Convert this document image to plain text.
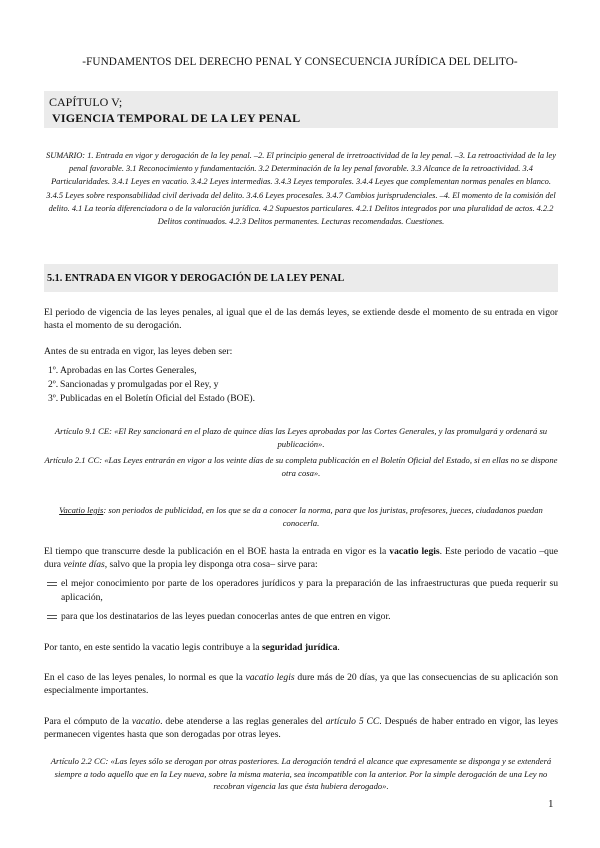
-FUNDAMENTOS DEL DERECHO PENAL Y CONSECUENCIA JURÍDICA DEL DELITO-
CAPÍTULO V;
VIGENCIA TEMPORAL DE LA LEY PENAL
SUMARIO: 1. Entrada en vigor y derogación de la ley penal. –2. El principio general de irretroactividad de la ley penal. –3. La retroactividad de la ley penal favorable. 3.1 Reconocimiento y fundamentación. 3.2 Determinación de la ley penal favorable. 3.3 Alcance de la retroactividad. 3.4 Particularidades. 3.4.1 Leyes en vacatio. 3.4.2 Leyes intermedias. 3.4.3 Leyes temporales. 3.4.4 Leyes que complementan normas penales en blanco. 3.4.5 Leyes sobre responsabilidad civil derivada del delito. 3.4.6 Leyes procesales. 3.4.7 Cambios jurisprudenciales. –4. El momento de la comisión del delito. 4.1 La teoría diferenciadora o de la valoración jurídica. 4.2 Supuestos particulares. 4.2.1 Delitos integrados por una pluralidad de actos. 4.2.2 Delitos continuados. 4.2.3 Delitos permanentes. Lecturas recomendadas. Cuestiones.
5.1. ENTRADA EN VIGOR Y DEROGACIÓN DE LA LEY PENAL
El periodo de vigencia de las leyes penales, al igual que el de las demás leyes, se extiende desde el momento de su entrada en vigor hasta el momento de su derogación.
Antes de su entrada en vigor, las leyes deben ser:
1º. Aprobadas en las Cortes Generales,
2º. Sancionadas y promulgadas por el Rey, y
3º. Publicadas en el Boletín Oficial del Estado (BOE).
Artículo 9.1 CE: «El Rey sancionará en el plazo de quince días las Leyes aprobadas por las Cortes Generales, y las promulgará y ordenará su publicación».
Artículo 2.1 CC: «Las Leyes entrarán en vigor a los veinte días de su completa publicación en el Boletín Oficial del Estado, si en ellas no se dispone otra cosa».
Vacatio legis: son periodos de publicidad, en los que se da a conocer la norma, para que los juristas, profesores, jueces, ciudadanos puedan conocerla.
El tiempo que transcurre desde la publicación en el BOE hasta la entrada en vigor es la vacatio legis. Este periodo de vacatio –que dura veinte días, salvo que la propia ley disponga otra cosa– sirve para:
el mejor conocimiento por parte de los operadores jurídicos y para la preparación de las infraestructuras que pueda requerir su aplicación,
para que los destinatarios de las leyes puedan conocerlas antes de que entren en vigor.
Por tanto, en este sentido la vacatio legis contribuye a la seguridad jurídica.
En el caso de las leyes penales, lo normal es que la vacatio legis dure más de 20 días, ya que las consecuencias de su aplicación son especialmente importantes.
Para el cómputo de la vacatio. debe atenderse a las reglas generales del artículo 5 CC. Después de haber entrado en vigor, las leyes permanecen vigentes hasta que son derogadas por otras leyes.
Artículo 2.2 CC: «Las leyes sólo se derogan por otras posteriores. La derogación tendrá el alcance que expresamente se disponga y se extenderá siempre a todo aquello que en la Ley nueva, sobre la misma materia, sea incompatible con la anterior. Por la simple derogación de una Ley no recobran vigencia las que ésta hubiera derogado».
1
